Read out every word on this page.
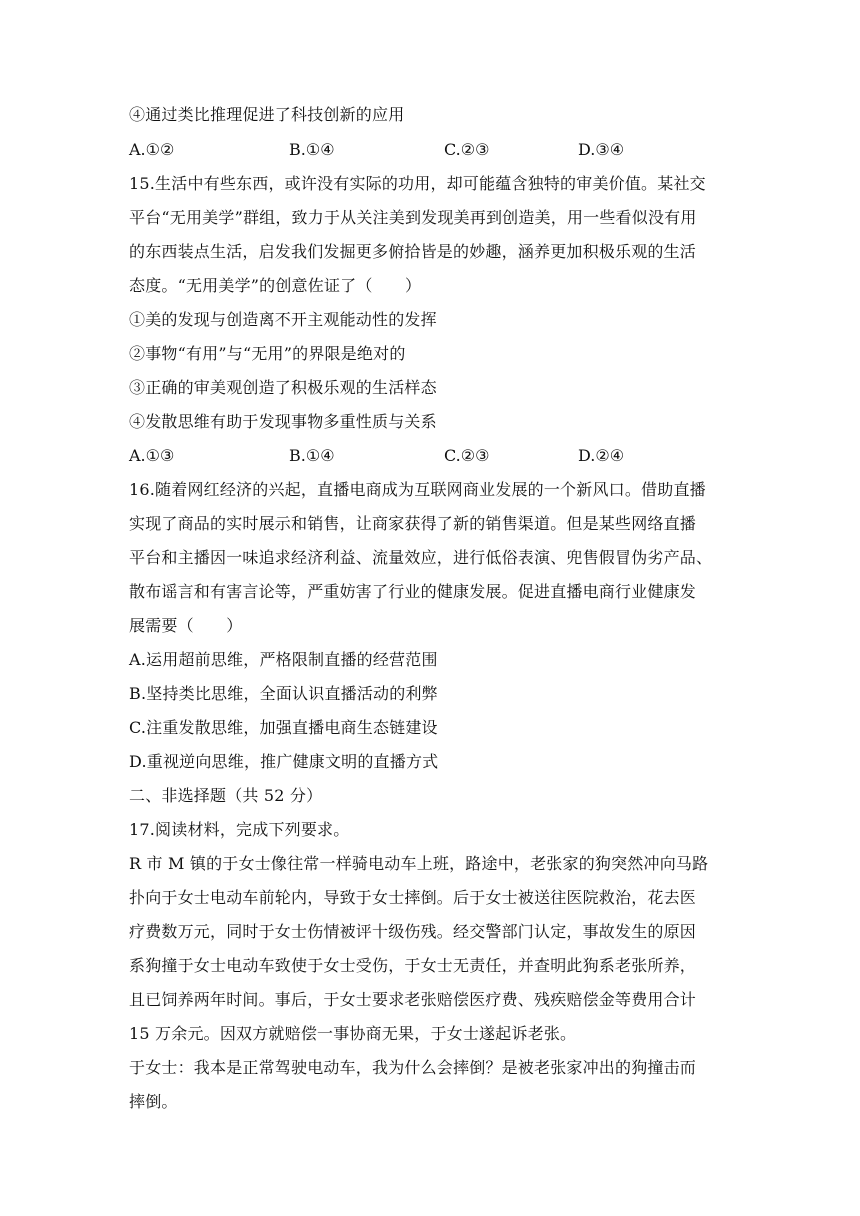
④通过类比推理促进了科技创新的应用
A.①②	B.①④	C.②③	D.③④
15.生活中有些东西，或许没有实际的功用，却可能蕴含独特的审美价值。某社交
平台“无用美学”群组，致力于从关注美到发现美再到创造美，用一些看似没有用
的东西装点生活，启发我们发掘更多俯拾皆是的妙趣，涵养更加积极乐观的生活
态度。“无用美学”的创意佐证了（　　）
①美的发现与创造离不开主观能动性的发挥
②事物“有用”与“无用”的界限是绝对的
③正确的审美观创造了积极乐观的生活样态
④发散思维有助于发现事物多重性质与关系
A.①③	B.①④	C.②③	D.②④
16.随着网红经济的兴起，直播电商成为互联网商业发展的一个新风口。借助直播
实现了商品的实时展示和销售，让商家获得了新的销售渠道。但是某些网络直播
平台和主播因一味追求经济利益、流量效应，进行低俗表演、兜售假冒伪劣产品、
散布谣言和有害言论等，严重妨害了行业的健康发展。促进直播电商行业健康发
展需要（　　）
A.运用超前思维，严格限制直播的经营范围
B.坚持类比思维，全面认识直播活动的利弊
C.注重发散思维，加强直播电商生态链建设
D.重视逆向思维，推广健康文明的直播方式
二、非选择题（共 52 分）
17.阅读材料，完成下列要求。
R 市 M 镇的于女士像往常一样骑电动车上班，路途中，老张家的狗突然冲向马路
扑向于女士电动车前轮内，导致于女士摔倒。后于女士被送往医院救治，花去医
疗费数万元，同时于女士伤情被评十级伤残。经交警部门认定，事故发生的原因
系狗撞于女士电动车致使于女士受伤，于女士无责任，并查明此狗系老张所养，
且已饲养两年时间。事后，于女士要求老张赔偿医疗费、残疾赔偿金等费用合计
15 万余元。因双方就赔偿一事协商无果，于女士遂起诉老张。
于女士：我本是正常驾驶电动车，我为什么会摔倒？是被老张家冲出的狗撞击而
摔倒。
